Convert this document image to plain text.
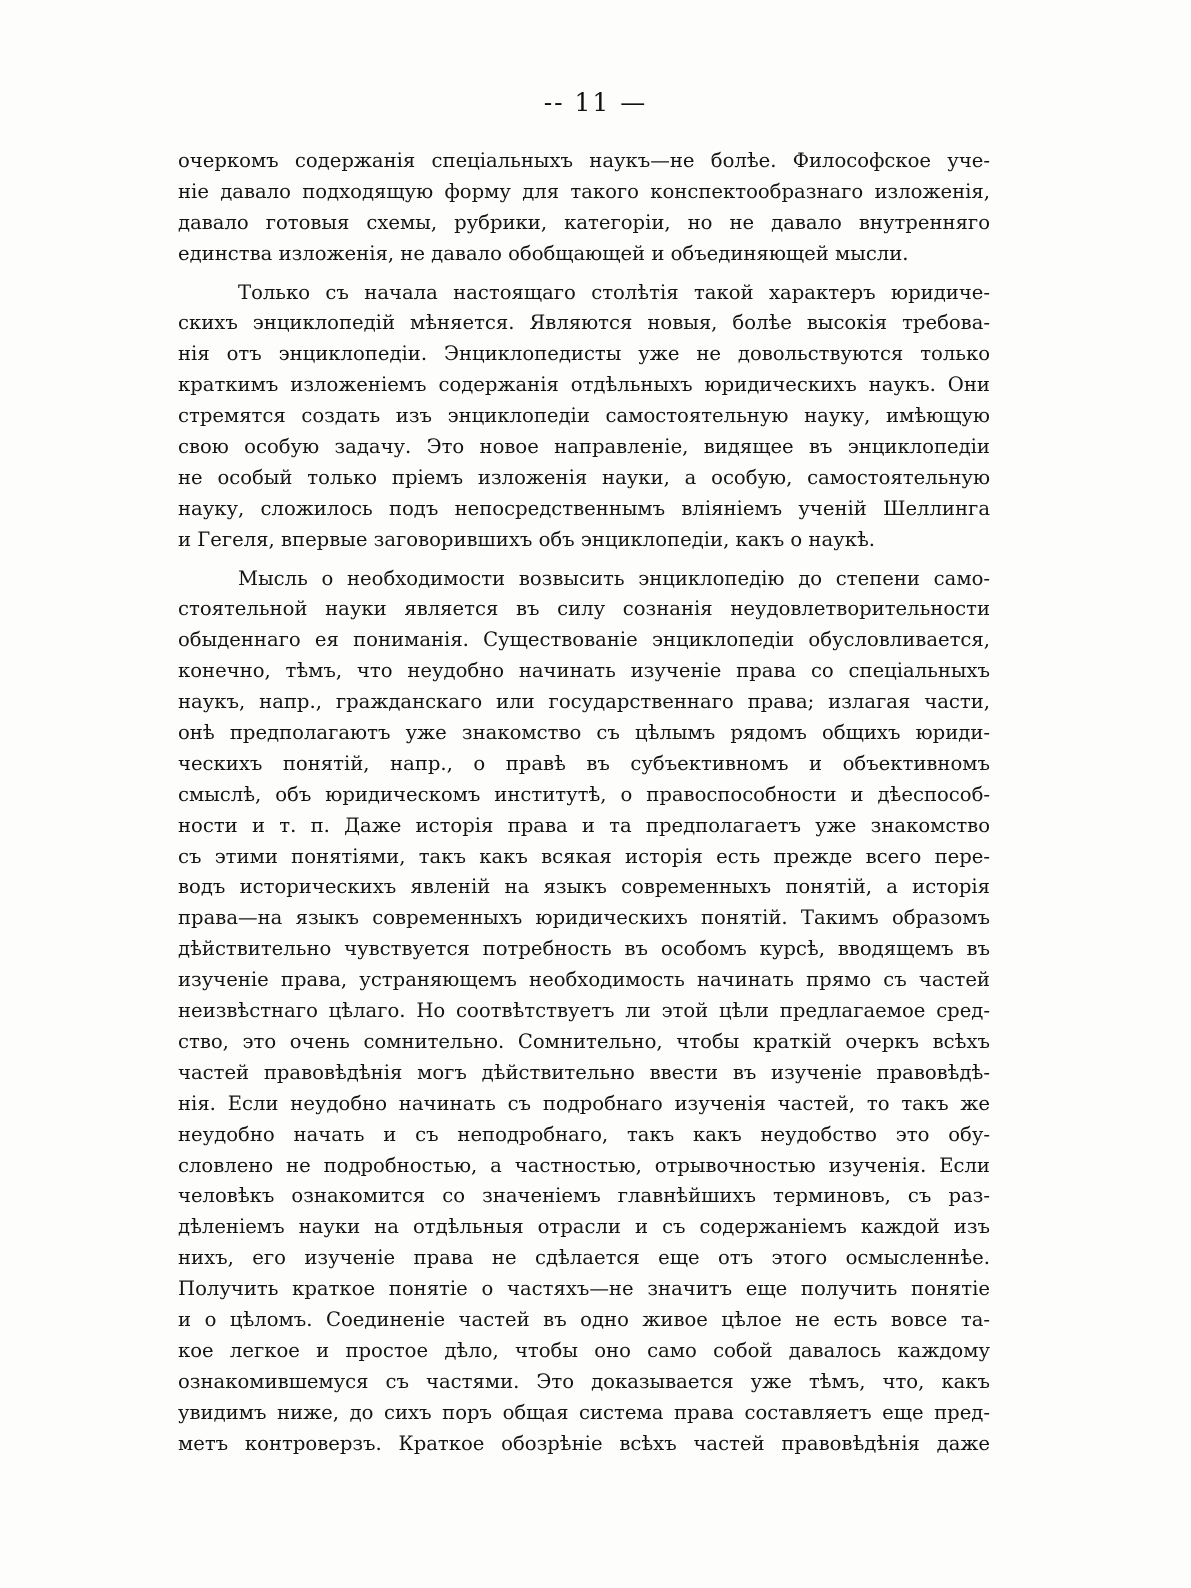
-- 11 —
очеркомъ содержанія спеціальныхъ наукъ—не болѣе. Философское уче-
ніе давало подходящую форму для такого конспектообразнаго изложенія,
давало готовыя схемы, рубрики, категоріи, но не давало внутренняго
единства изложенія, не давало обобщающей и объединяющей мысли.
Только съ начала настоящаго столѣтія такой характеръ юридиче-
скихъ энциклопедій мѣняется. Являются новыя, болѣе высокія требова-
нія отъ энциклопедіи. Энциклопедисты уже не довольствуются только
краткимъ изложеніемъ содержанія отдѣльныхъ юридическихъ наукъ. Они
стремятся создать изъ энциклопедіи самостоятельную науку, имѣющую
свою особую задачу. Это новое направленіе, видящее въ энциклопедіи
не особый только пріемъ изложенія науки, а особую, самостоятельную
науку, сложилось подъ непосредственнымъ вліяніемъ ученій Шеллинга
и Гегеля, впервые заговорившихъ объ энциклопедіи, какъ о наукѣ.
Мысль о необходимости возвысить энциклопедію до степени само-
стоятельной науки является въ силу сознанія неудовлетворительности
обыденнаго ея пониманія. Существованіе энциклопедіи обусловливается,
конечно, тѣмъ, что неудобно начинать изученіе права со спеціальныхъ
наукъ, напр., гражданскаго или государственнаго права; излагая части,
онѣ предполагаютъ уже знакомство съ цѣлымъ рядомъ общихъ юриди-
ческихъ понятій, напр., о правѣ въ субъективномъ и объективномъ
смыслѣ, объ юридическомъ институтѣ, о правоспособности и дѣеспособ-
ности и т. п. Даже исторія права и та предполагаетъ уже знакомство
съ этими понятіями, такъ какъ всякая исторія есть прежде всего пере-
водъ историческихъ явленій на языкъ современныхъ понятій, а исторія
права—на языкъ современныхъ юридическихъ понятій. Такимъ образомъ
дѣйствительно чувствуется потребность въ особомъ курсѣ, вводящемъ въ
изученіе права, устраняющемъ необходимость начинать прямо съ частей
неизвѣстнаго цѣлаго. Но соотвѣтствуетъ ли этой цѣли предлагаемое сред-
ство, это очень сомнительно. Сомнительно, чтобы краткій очеркъ всѣхъ
частей правовѣдѣнія могъ дѣйствительно ввести въ изученіе правовѣдѣ-
нія. Если неудобно начинать съ подробнаго изученія частей, то такъ же
неудобно начать и съ неподробнаго, такъ какъ неудобство это обу-
словлено не подробностью, а частностью, отрывочностью изученія. Если
человѣкъ ознакомится со значеніемъ главнѣйшихъ терминовъ, съ раз-
дѣленіемъ науки на отдѣльныя отрасли и съ содержаніемъ каждой изъ
нихъ, его изученіе права не сдѣлается еще отъ этого осмысленнѣе.
Получить краткое понятіе о частяхъ—не значитъ еще получить понятіе
и о цѣломъ. Соединеніе частей въ одно живое цѣлое не есть вовсе та-
кое легкое и простое дѣло, чтобы оно само собой давалось каждому
ознакомившемуся съ частями. Это доказывается уже тѣмъ, что, какъ
увидимъ ниже, до сихъ поръ общая система права составляетъ еще пред-
метъ контроверзъ. Краткое обозрѣніе всѣхъ частей правовѣдѣнія даже
